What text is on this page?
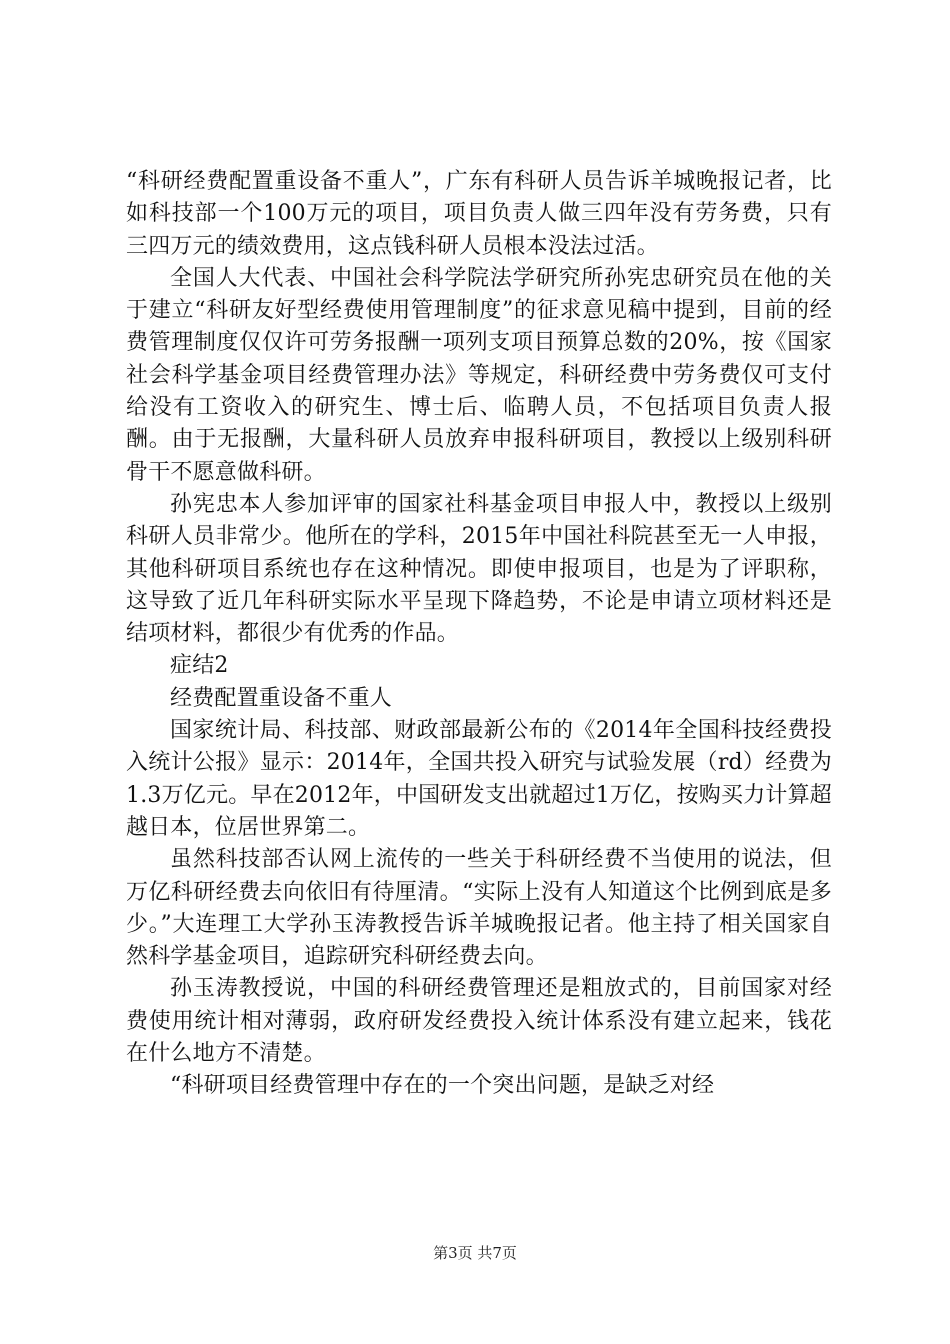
“科研经费配置重设备不重人”，广东有科研人员告诉羊城晚报记者，比如科技部一个100万元的项目，项目负责人做三四年没有劳务费，只有三四万元的绩效费用，这点钱科研人员根本没法过活。

全国人大代表、中国社会科学院法学研究所孙宪忠研究员在他的关于建立“科研友好型经费使用管理制度”的征求意见稿中提到，目前的经费管理制度仅仅许可劳务报酬一项列支项目预算总数的20%，按《国家社会科学基金项目经费管理办法》等规定，科研经费中劳务费仅可支付给没有工资收入的研究生、博士后、临聘人员，不包括项目负责人报酬。由于无报酬，大量科研人员放弃申报科研项目，教授以上级别科研骨干不愿意做科研。

孙宪忠本人参加评审的国家社科基金项目申报人中，教授以上级别科研人员非常少。他所在的学科，2015年中国社科院甚至无一人申报，其他科研项目系统也存在这种情况。即使申报项目，也是为了评职称，这导致了近几年科研实际水平呈现下降趋势，不论是申请立项材料还是结项材料，都很少有优秀的作品。

症结2

经费配置重设备不重人

国家统计局、科技部、财政部最新公布的《2014年全国科技经费投入统计公报》显示：2014年，全国共投入研究与试验发展（rd）经费为1.3万亿元。早在2012年，中国研发支出就超过1万亿，按购买力计算超越日本，位居世界第二。

虽然科技部否认网上流传的一些关于科研经费不当使用的说法，但万亿科研经费去向依旧有待厘清。“实际上没有人知道这个比例到底是多少。”大连理工大学孙玉涛教授告诉羊城晚报记者。他主持了相关国家自然科学基金项目，追踪研究科研经费去向。

孙玉涛教授说，中国的科研经费管理还是粗放式的，目前国家对经费使用统计相对薄弱，政府研发经费投入统计体系没有建立起来，钱花在什么地方不清楚。

“科研项目经费管理中存在的一个突出问题，是缺乏对经

第3页 共7页
